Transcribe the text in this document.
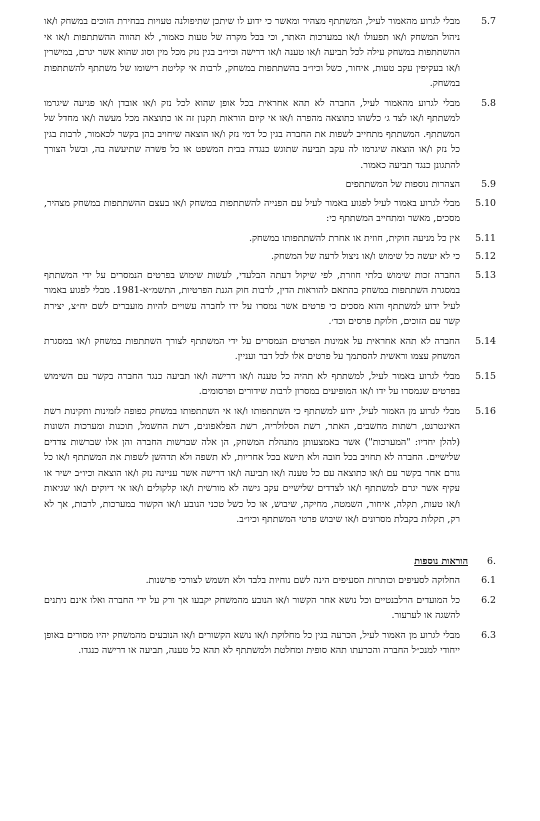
5.7
מבלי לגרוע מהאמור לעיל, המשתתף מצהיר ומאשר כי ידוע לו שיתכן שתיפולנה טעויות בבחירת הזוכים במשחק ו/או ניהול המשחק ו/או תפעולו ו/או במערכות האתר, וכי בכל מקרה של טעות כאמור, לא תהווה ההשתתפות ו/או אי ההשתתפות במשחק עילה לכל תביעה ו/או טענה ו/או דרישה וכיו״ב בגין נזק מכל מין וסוג שהוא אשר יגרם, במישרין ו/או בעקיפין עקב טעות, איחור, כשל וכיו״ב בהשתתפות במשחק, לרבות אי קליטת רישומו של משתתף להשתתפות במשחק.
5.8
מבלי לגרוע מהאמור לעיל, החברה לא תהא אחראית בכל אופן שהוא לכל נזק ו/או אובדן ו/או פגיעה שיגרמו למשתתף ו/או לצד ג׳ כלשהו כתוצאה מהפרה ו/או אי קיום הוראות תקנון זה או כתוצאה מכל מעשה ו/או מחדל של המשתתף. המשתתף מתחייב לשפות את החברה בגין כל דמי נזק ו/או הוצאה שיחויב בהן בקשר לכאמור, לרבות בגין כל נזק ו/או הוצאה שיגרמו לה עקב תביעה שתוגש כנגדה בבית המשפט או כל פשרה שתיעשה בה, ובשל הצורך להתגונן כנגד תביעה כאמור.
5.9
הצהרות נוספות של המשתתפים
5.10
מבלי לגרוע באמור לעיל לפגוע באמור לעיל עם הפנייה להשתתפות במשחק ו/או בעצם ההשתתפות במשחק מצהיר, מסכים, מאשר ומתחייב המשתתף כי:
5.11
אין כל מניעה חוקית, חוזית או אחרת להשתתפותו במשחק.
5.12
כי לא יעשה כל שימוש ו/או ניצול לרעה של המשחק.
5.13
החברה זכות שימוש בלתי חוזרת, לפי שיקול דעתה הבלעדי, לעשות שימוש בפרטים הנמסרים על ידי המשתתף במסגרת השתתפות במשחק בהתאם להוראות הדין, לרבות חוק הגנת הפרטיות, התשמ״א-1981. מבלי לפגוע באמור לעיל ידוע למשתתף והוא מסכים כי פרטים אשר נמסרו על ידו לחברה עשויים להיות מועברים לשם יח״צ, יצירת קשר עם הזוכים, חלוקת פרסים וכד׳.
5.14
החברה לא תהא אחראית על אמינות הפרטים הנמסרים על ידי המשתתף לצורך השתתפות במשחק ו/או במסגרת המשחק עצמו וראשית להסתמך על פרטים אלו לכל דבר ועניין.
5.15
מבלי לגרוע באמור לעיל, למשתתף לא תהיה כל טענה ו/או דרישה ו/או תביעה כנגד החברה בקשר עם השימוש בפרטים שנמסרו על ידו ו/או המופיעים במסרון לרבות שידורים ופרסומים.
5.16
מבלי לגרוע מן האמור לעיל, ידוע למשתתף כי השתתפותו ו/או אי השתתפותו במשחק כפופה לזמינות ותקינות רשת האינטרנט, רשתות מחשבים, האתר, רשת הסלולריה, רשת הפלאפונים, רשת החשמל, תוכנות ומערכות השונות (להלן יחדיו: "המערכות") אשר באמצעותן מתנהלת המשחק, הן אלה שברשות החברה והן אלו שברשות צדדים שלישיים. החברה לא תחויב בכל חובה ולא תישא בכל אחריות, לא תשפה ולא תדהשן לשפות את המשתתף ו/או כל גורם אחר בקשר עם ו/או כתוצאה עם כל טענה ו/או תביעה ו/או דרישה אשר עניינה נזק ו/או הוצאה וכיו״ב ישיר או עקיף אשר יגרם למשתתף ו/או לצדדים שלישיים עקב גישה לא מורשית ו/או קלקולים ו/או אי דיוקים ו/או שגיאות ו/או טעות, תקלה, איחור, השמטה, מחיקה, שיבוש, או כל כשל טכני הנובע ו/או הקשור במערכות, לרבות, אך לא רק, תקלות בקבלת מסרונים ו/או שיבוש פרטי המשתתף וכיו״ב.
6.
הוראות נוספות
6.1
החלוקה לסעיפים וכותרות הסעיפים הינה לשם נוחיות בלבד ולא תשמש לצורכי פרשנות.
6.2
כל המועדים הרלבנטיים וכל נושא אחר הקשור ו/או הנובע מהמשחק יקבעו אך ורק על ידי החברה ואלו אינם ניתנים להשגה או לערעור.
6.3
מבלי לגרוע מן האמור לעיל, הכרעה בגין כל מחלוקת ו/או נושא הקשורים ו/או הנובעים מהמשחק יהיו מסורים באופן ייחודי למנכ״ל החברה והכרעתו תהא סופית ומחלטת ולמשתתף לא תהא כל טענה, תביעה או דרישה כנגדו.
